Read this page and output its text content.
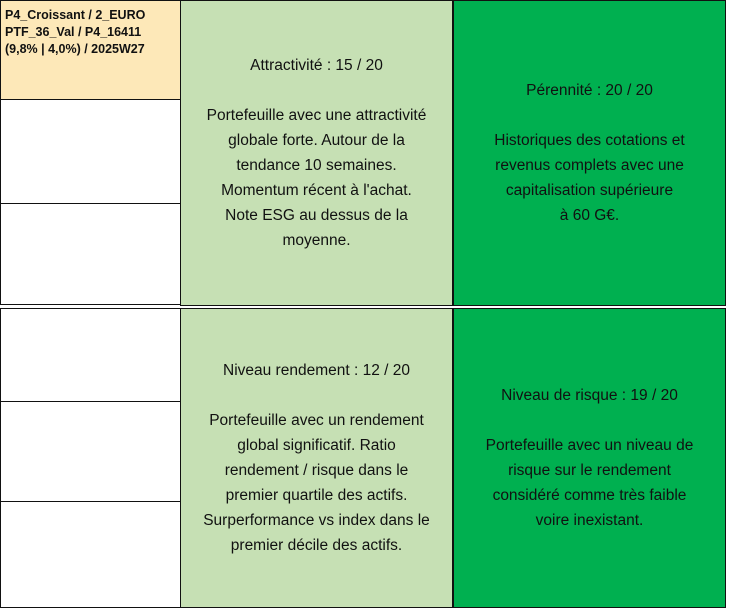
P4_Croissant / 2_EURO
PTF_36_Val / P4_16411
(9,8% | 4,0%) / 2025W27
Attractivité : 15 / 20
Portefeuille avec une attractivité
globale forte. Autour de la
tendance 10 semaines.
Momentum récent à l'achat.
Note ESG au dessus de la
moyenne.
Pérennité : 20 / 20
Historiques des cotations et
revenus complets avec une
capitalisation supérieure
à 60 G€.
Niveau rendement : 12 / 20
Portefeuille avec un rendement
global significatif. Ratio
rendement / risque dans le
premier quartile des actifs.
Surperformance vs index dans le
premier décile des actifs.
Niveau de risque : 19 / 20
Portefeuille avec un niveau de
risque sur le rendement
considéré comme très faible
voire inexistant.
